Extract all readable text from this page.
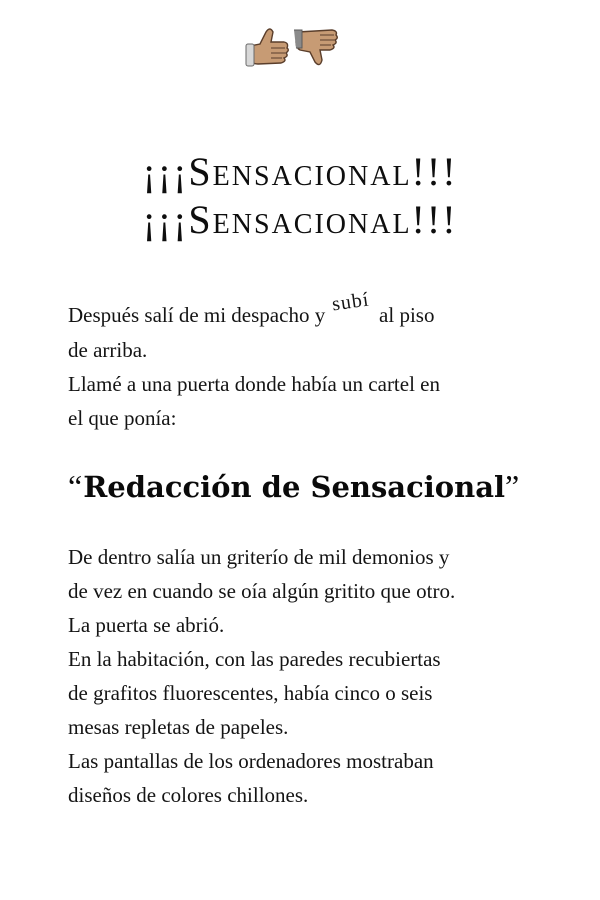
¡¡¡Sensacional!!!
¡¡¡Sensacional!!!

Después salí de mi despacho y subí al piso

de arriba.

Llamé a una puerta donde había un cartel en

el que ponía:

“Redacción de Sensacional”

De dentro salía un griterío de mil demonios y

de vez en cuando se oía algún gritito que otro.

La puerta se abrió.

En la habitación, con las paredes recubiertas

de grafitos fluorescentes, había cinco o seis

mesas repletas de papeles.

Las pantallas de los ordenadores mostraban

diseños de colores chillones.
